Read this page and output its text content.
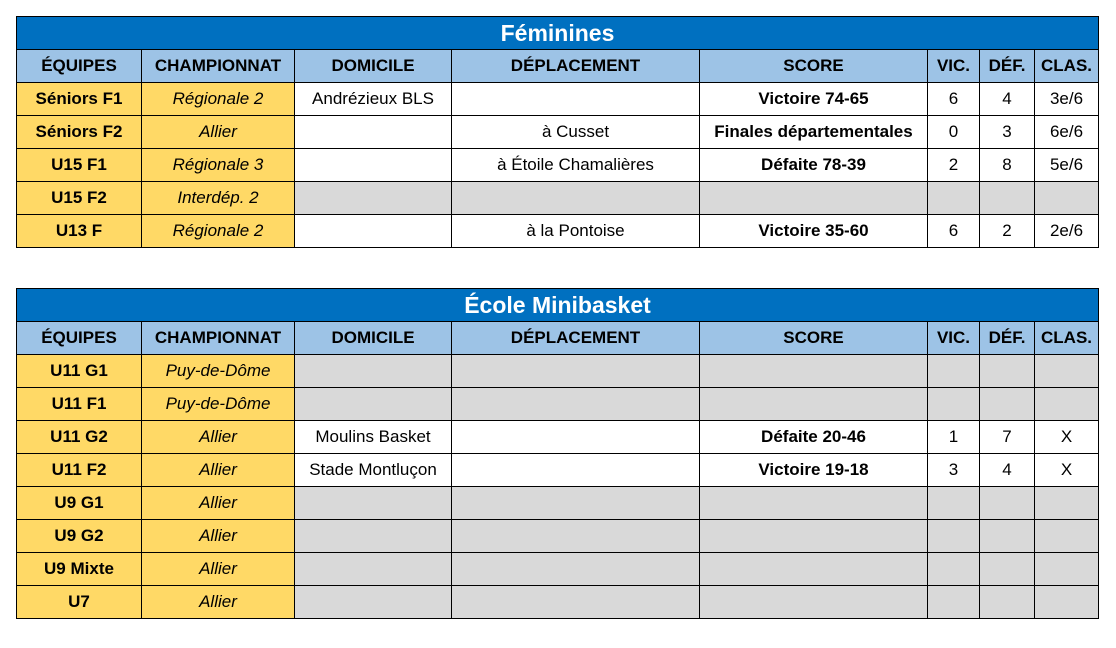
Féminines							
ÉQUIPES	CHAMPIONNAT	DOMICILE	DÉPLACEMENT	SCORE	VIC.	DÉF.	CLAS.
Séniors F1	Régionale 2	Andrézieux BLS		Victoire 74-65	6	4	3e/6
Séniors F2	Allier		à Cusset	Finales départementales	0	3	6e/6
U15 F1	Régionale 3		à Étoile Chamalières	Défaite 78-39	2	8	5e/6
U15 F2	Interdép. 2						
U13 F	Régionale 2		à la Pontoise	Victoire 35-60	6	2	2e/6
École Minibasket							
ÉQUIPES	CHAMPIONNAT	DOMICILE	DÉPLACEMENT	SCORE	VIC.	DÉF.	CLAS.
U11 G1	Puy-de-Dôme						
U11 F1	Puy-de-Dôme						
U11 G2	Allier	Moulins Basket		Défaite 20-46	1	7	X
U11 F2	Allier	Stade Montluçon		Victoire 19-18	3	4	X
U9 G1	Allier						
U9 G2	Allier						
U9 Mixte	Allier						
U7	Allier						
